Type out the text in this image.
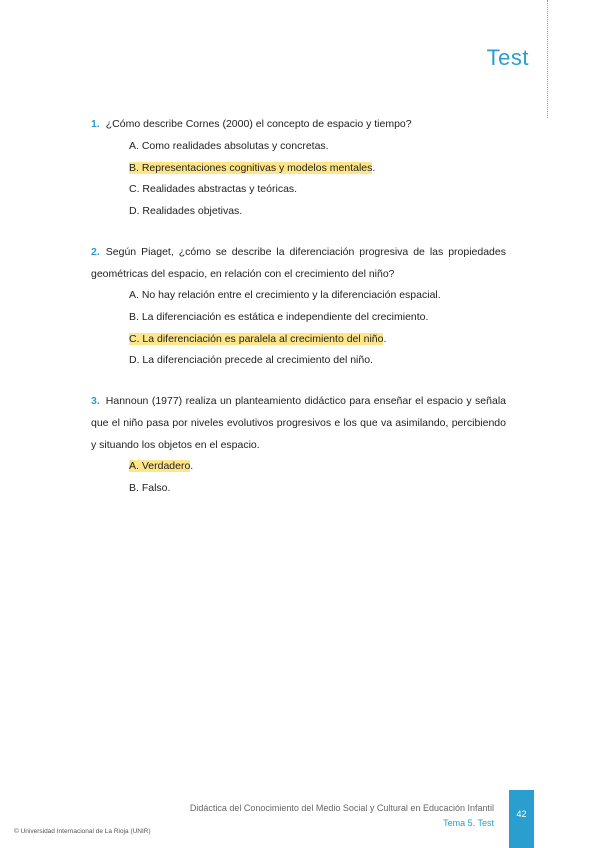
Test
1. ¿Cómo describe Cornes (2000) el concepto de espacio y tiempo?
A. Como realidades absolutas y concretas.
B. Representaciones cognitivas y modelos mentales.
C. Realidades abstractas y teóricas.
D. Realidades objetivas.
2. Según Piaget, ¿cómo se describe la diferenciación progresiva de las propiedades geométricas del espacio, en relación con el crecimiento del niño?
A. No hay relación entre el crecimiento y la diferenciación espacial.
B. La diferenciación es estática e independiente del crecimiento.
C. La diferenciación es paralela al crecimiento del niño.
D. La diferenciación precede al crecimiento del niño.
3. Hannoun (1977) realiza un planteamiento didáctico para enseñar el espacio y señala que el niño pasa por niveles evolutivos progresivos e los que va asimilando, percibiendo y situando los objetos en el espacio.
A. Verdadero.
B. Falso.
Didáctica del Conocimiento del Medio Social y Cultural en Educación Infantil
Tema 5. Test
42
© Universidad Internacional de La Rioja (UNIR)
